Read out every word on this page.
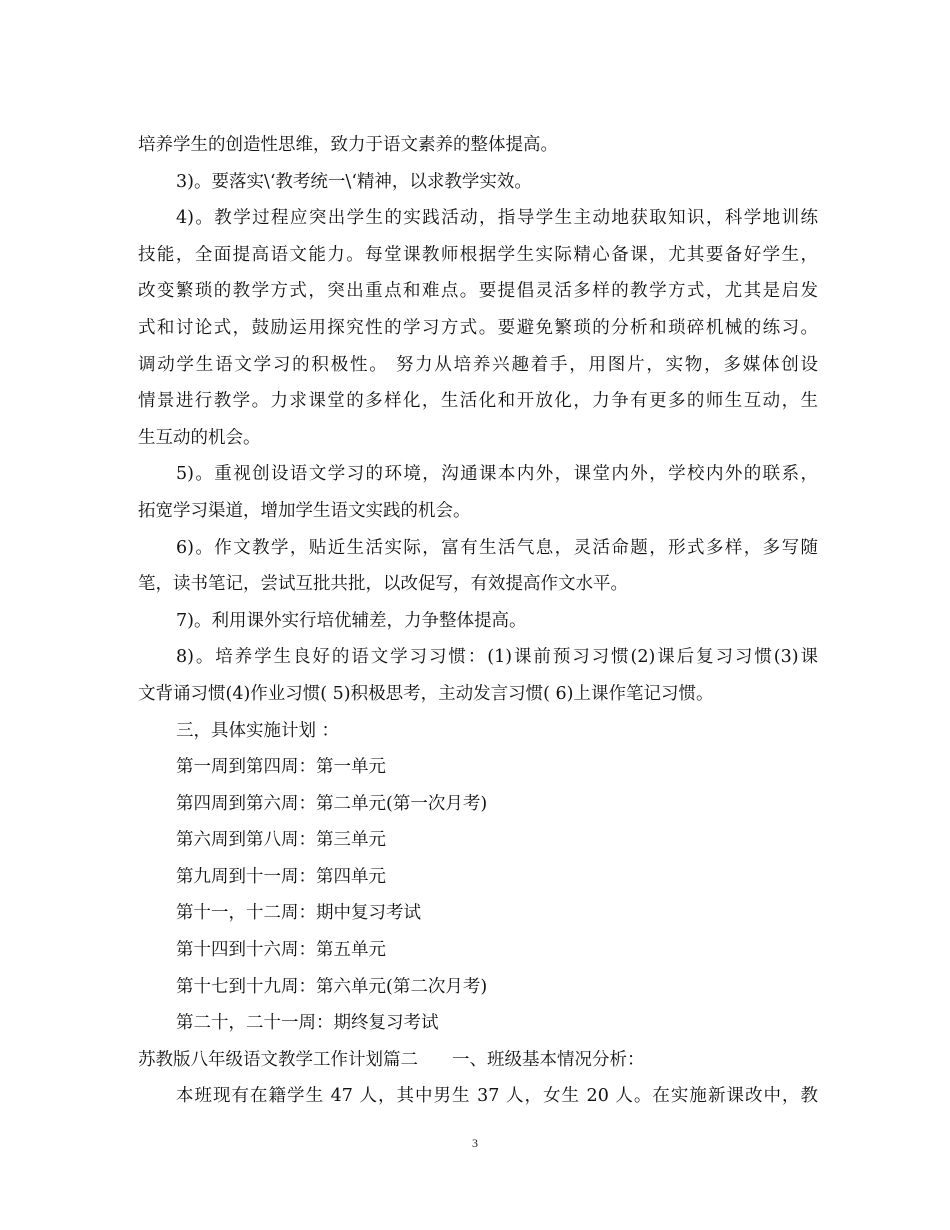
培养学生的创造性思维，致力于语文素养的整体提高。
3)。要落实\‘教考统一\‘精神，以求教学实效。
4)。教学过程应突出学生的实践活动，指导学生主动地获取知识，科学地训练
技能，全面提高语文能力。每堂课教师根据学生实际精心备课，尤其要备好学生，
改变繁琐的教学方式，突出重点和难点。要提倡灵活多样的教学方式，尤其是启发
式和讨论式，鼓励运用探究性的学习方式。要避免繁琐的分析和琐碎机械的练习。
调动学生语文学习的积极性。 努力从培养兴趣着手，用图片，实物，多媒体创设
情景进行教学。力求课堂的多样化，生活化和开放化，力争有更多的师生互动，生
生互动的机会。
5)。重视创设语文学习的环境，沟通课本内外，课堂内外，学校内外的联系，
拓宽学习渠道，增加学生语文实践的机会。
6)。作文教学，贴近生活实际，富有生活气息，灵活命题，形式多样，多写随
笔，读书笔记，尝试互批共批，以改促写，有效提高作文水平。
7)。利用课外实行培优辅差，力争整体提高。
8)。培养学生良好的语文学习习惯：(1)课前预习习惯(2)课后复习习惯(3)课
文背诵习惯(4)作业习惯( 5)积极思考，主动发言习惯( 6)上课作笔记习惯。
三，具体实施计划 ：
第一周到第四周：第一单元
第四周到第六周：第二单元(第一次月考)
第六周到第八周：第三单元
第九周到十一周：第四单元
第十一，十二周：期中复习考试
第十四到十六周：第五单元
第十七到十九周：第六单元(第二次月考)
第二十，二十一周：期终复习考试
苏教版八年级语文教学工作计划篇二 一、班级基本情况分析：
本班现有在籍学生 47 人，其中男生 37 人，女生 20 人。在实施新课改中，教
3
